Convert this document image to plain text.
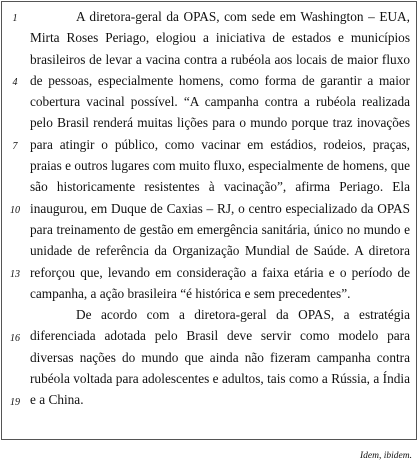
1
4
7
10
13
16
19

A diretora-geral da OPAS, com sede em Washington – EUA, Mirta Roses Periago, elogiou a iniciativa de estados e municípios brasileiros de levar a vacina contra a rubéola aos locais de maior fluxo de pessoas, especialmente homens, como forma de garantir a maior cobertura vacinal possível. “A campanha contra a rubéola realizada pelo Brasil renderá muitas lições para o mundo porque traz inovações para atingir o público, como vacinar em estádios, rodeios, praças, praias e outros lugares com muito fluxo, especialmente de homens, que são historicamente resistentes à vacinação”, afirma Periago. Ela inaugurou, em Duque de Caxias – RJ, o centro especializado da OPAS para treinamento de gestão em emergência sanitária, único no mundo e unidade de referência da Organização Mundial de Saúde. A diretora reforçou que, levando em consideração a faixa etária e o período de campanha, a ação brasileira “é histórica e sem precedentes”.

De acordo com a diretora-geral da OPAS, a estratégia diferenciada adotada pelo Brasil deve servir como modelo para diversas nações do mundo que ainda não fizeram campanha contra rubéola voltada para adolescentes e adultos, tais como a Rússia, a Índia e a China.

Idem, ibidem.
